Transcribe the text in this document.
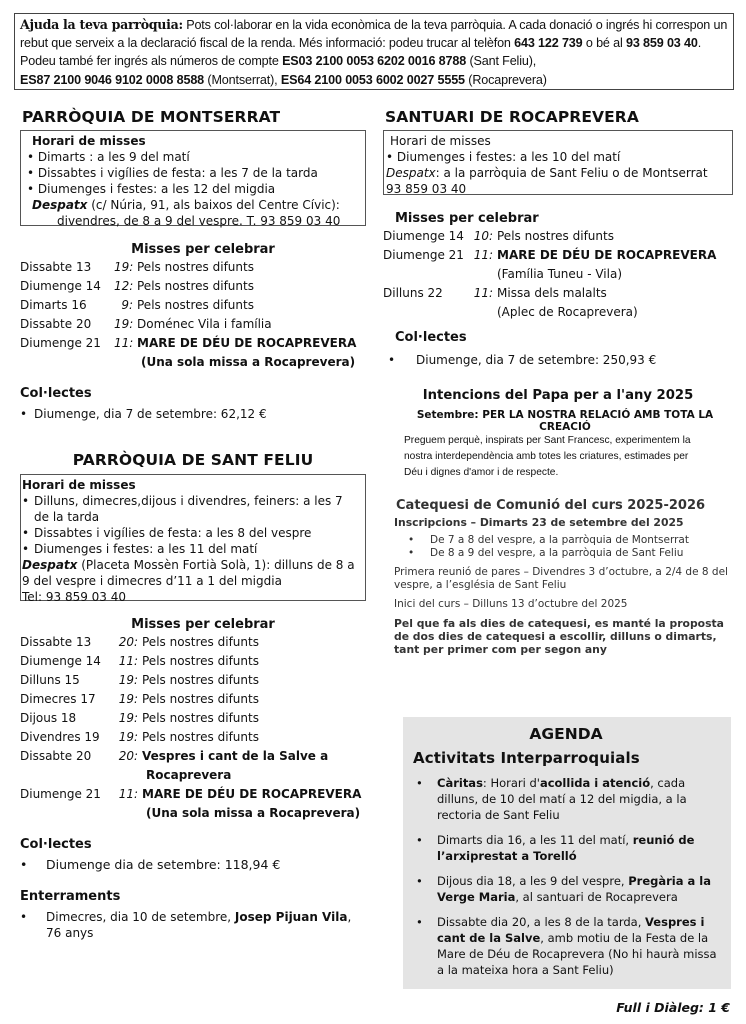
Ajuda la teva parròquia: Pots col·laborar en la vida econòmica de la teva parròquia. A cada donació o ingrés hi correspon un rebut que serveix a la declaració fiscal de la renda. Més informació: podeu trucar al telèfon 643 122 739 o bé al 93 859 03 40. Podeu també fer ingrés als números de compte ES03 2100 0053 6202 0016 8788 (Sant Feliu),
ES87 2100 9046 9102 0008 8588 (Montserrat), ES64 2100 0053 6002 0027 5555 (Rocaprevera)
PARRÒQUIA DE MONTSERRAT
Horari de misses
• Dimarts : a les 9 del matí
• Dissabtes i vigílies de festa: a les 7 de la tarda
• Diumenges i festes: a les 12 del migdia
Despatx (c/ Núria, 91, als baixos del Centre Cívic):
divendres, de 8 a 9 del vespre. T. 93 859 03 40
Misses per celebrar
Dissabte 13	19: Pels nostres difunts
Diumenge 14	12: Pels nostres difunts
Dimarts 16	9: Pels nostres difunts
Dissabte 20	19: Doménec Vila i família
Diumenge 21	11: MARE DE DÉU DE ROCAPREVERA
(Una sola missa a Rocaprevera)
Col·lectes
• Diumenge, dia 7 de setembre: 62,12 €
PARRÒQUIA DE SANT FELIU
Horari de misses
• Dilluns, dimecres,dijous i divendres, feiners: a les 7 de la tarda
• Dissabtes i vigílies de festa: a les 8 del vespre
• Diumenges i festes: a les 11 del matí
Despatx (Placeta Mossèn Fortià Solà, 1): dilluns de 8 a 9 del vespre i dimecres d’11 a 1 del migdia
Tel: 93 859 03 40
Misses per celebrar
Dissabte 13	20: Pels nostres difunts
Diumenge 14	11: Pels nostres difunts
Dilluns 15	19: Pels nostres difunts
Dimecres 17	19: Pels nostres difunts
Dijous 18	19: Pels nostres difunts
Divendres 19	19: Pels nostres difunts
Dissabte 20	20: Vespres i cant de la Salve a
Rocaprevera
Diumenge 21	11: MARE DE DÉU DE ROCAPREVERA
(Una sola missa a Rocaprevera)
Col·lectes
•	Diumenge dia de setembre: 118,94 €
Enterraments
•	Dimecres, dia 10 de setembre, Josep Pijuan Vila,
76 anys
SANTUARI DE ROCAPREVERA
Horari de misses
• Diumenges i festes: a les 10 del matí
Despatx: a la parròquia de Sant Feliu o de Montserrat
93 859 03 40
Misses per celebrar
Diumenge 14 10: Pels nostres difunts
Diumenge 21 11: MARE DE DÉU DE ROCAPREVERA
(Família Tuneu - Vila)
Dilluns 22	11: Missa dels malalts
(Aplec de Rocaprevera)
Col·lectes
•	Diumenge, dia 7 de setembre: 250,93 €
Intencions del Papa per a l'any 2025
Setembre: PER LA NOSTRA RELACIÓ AMB TOTA LA
CREACIÓ
Preguem perquè, inspirats per Sant Francesc, experimentem la
nostra interdependència amb totes les criatures, estimades per
Déu i dignes d'amor i de respecte.
Catequesi de Comunió del curs 2025-2026
Inscripcions – Dimarts 23 de setembre del 2025
•	De 7 a 8 del vespre, a la parròquia de Montserrat
•	De 8 a 9 del vespre, a la parròquia de Sant Feliu
Primera reunió de pares – Divendres 3 d’octubre, a 2/4 de 8 del vespre, a l’església de Sant Feliu
Inici del curs – Dilluns 13 d’octubre del 2025
Pel que fa als dies de catequesi, es manté la proposta de dos dies de catequesi a escollir, dilluns o dimarts, tant per primer com per segon any
AGENDA
Activitats Interparroquials
•	Càritas: Horari d'acollida i atenció, cada dilluns, de 10 del matí a 12 del migdia, a la rectoria de Sant Feliu
•	Dimarts dia 16, a les 11 del matí, reunió de l’arxiprestat a Torelló
•	Dijous dia 18, a les 9 del vespre, Pregària a la Verge Maria, al santuari de Rocaprevera
•	Dissabte dia 20, a les 8 de la tarda, Vespres i cant de la Salve, amb motiu de la Festa de la Mare de Déu de Rocaprevera (No hi haurà missa a la mateixa hora a Sant Feliu)
Full i Diàleg: 1 €
